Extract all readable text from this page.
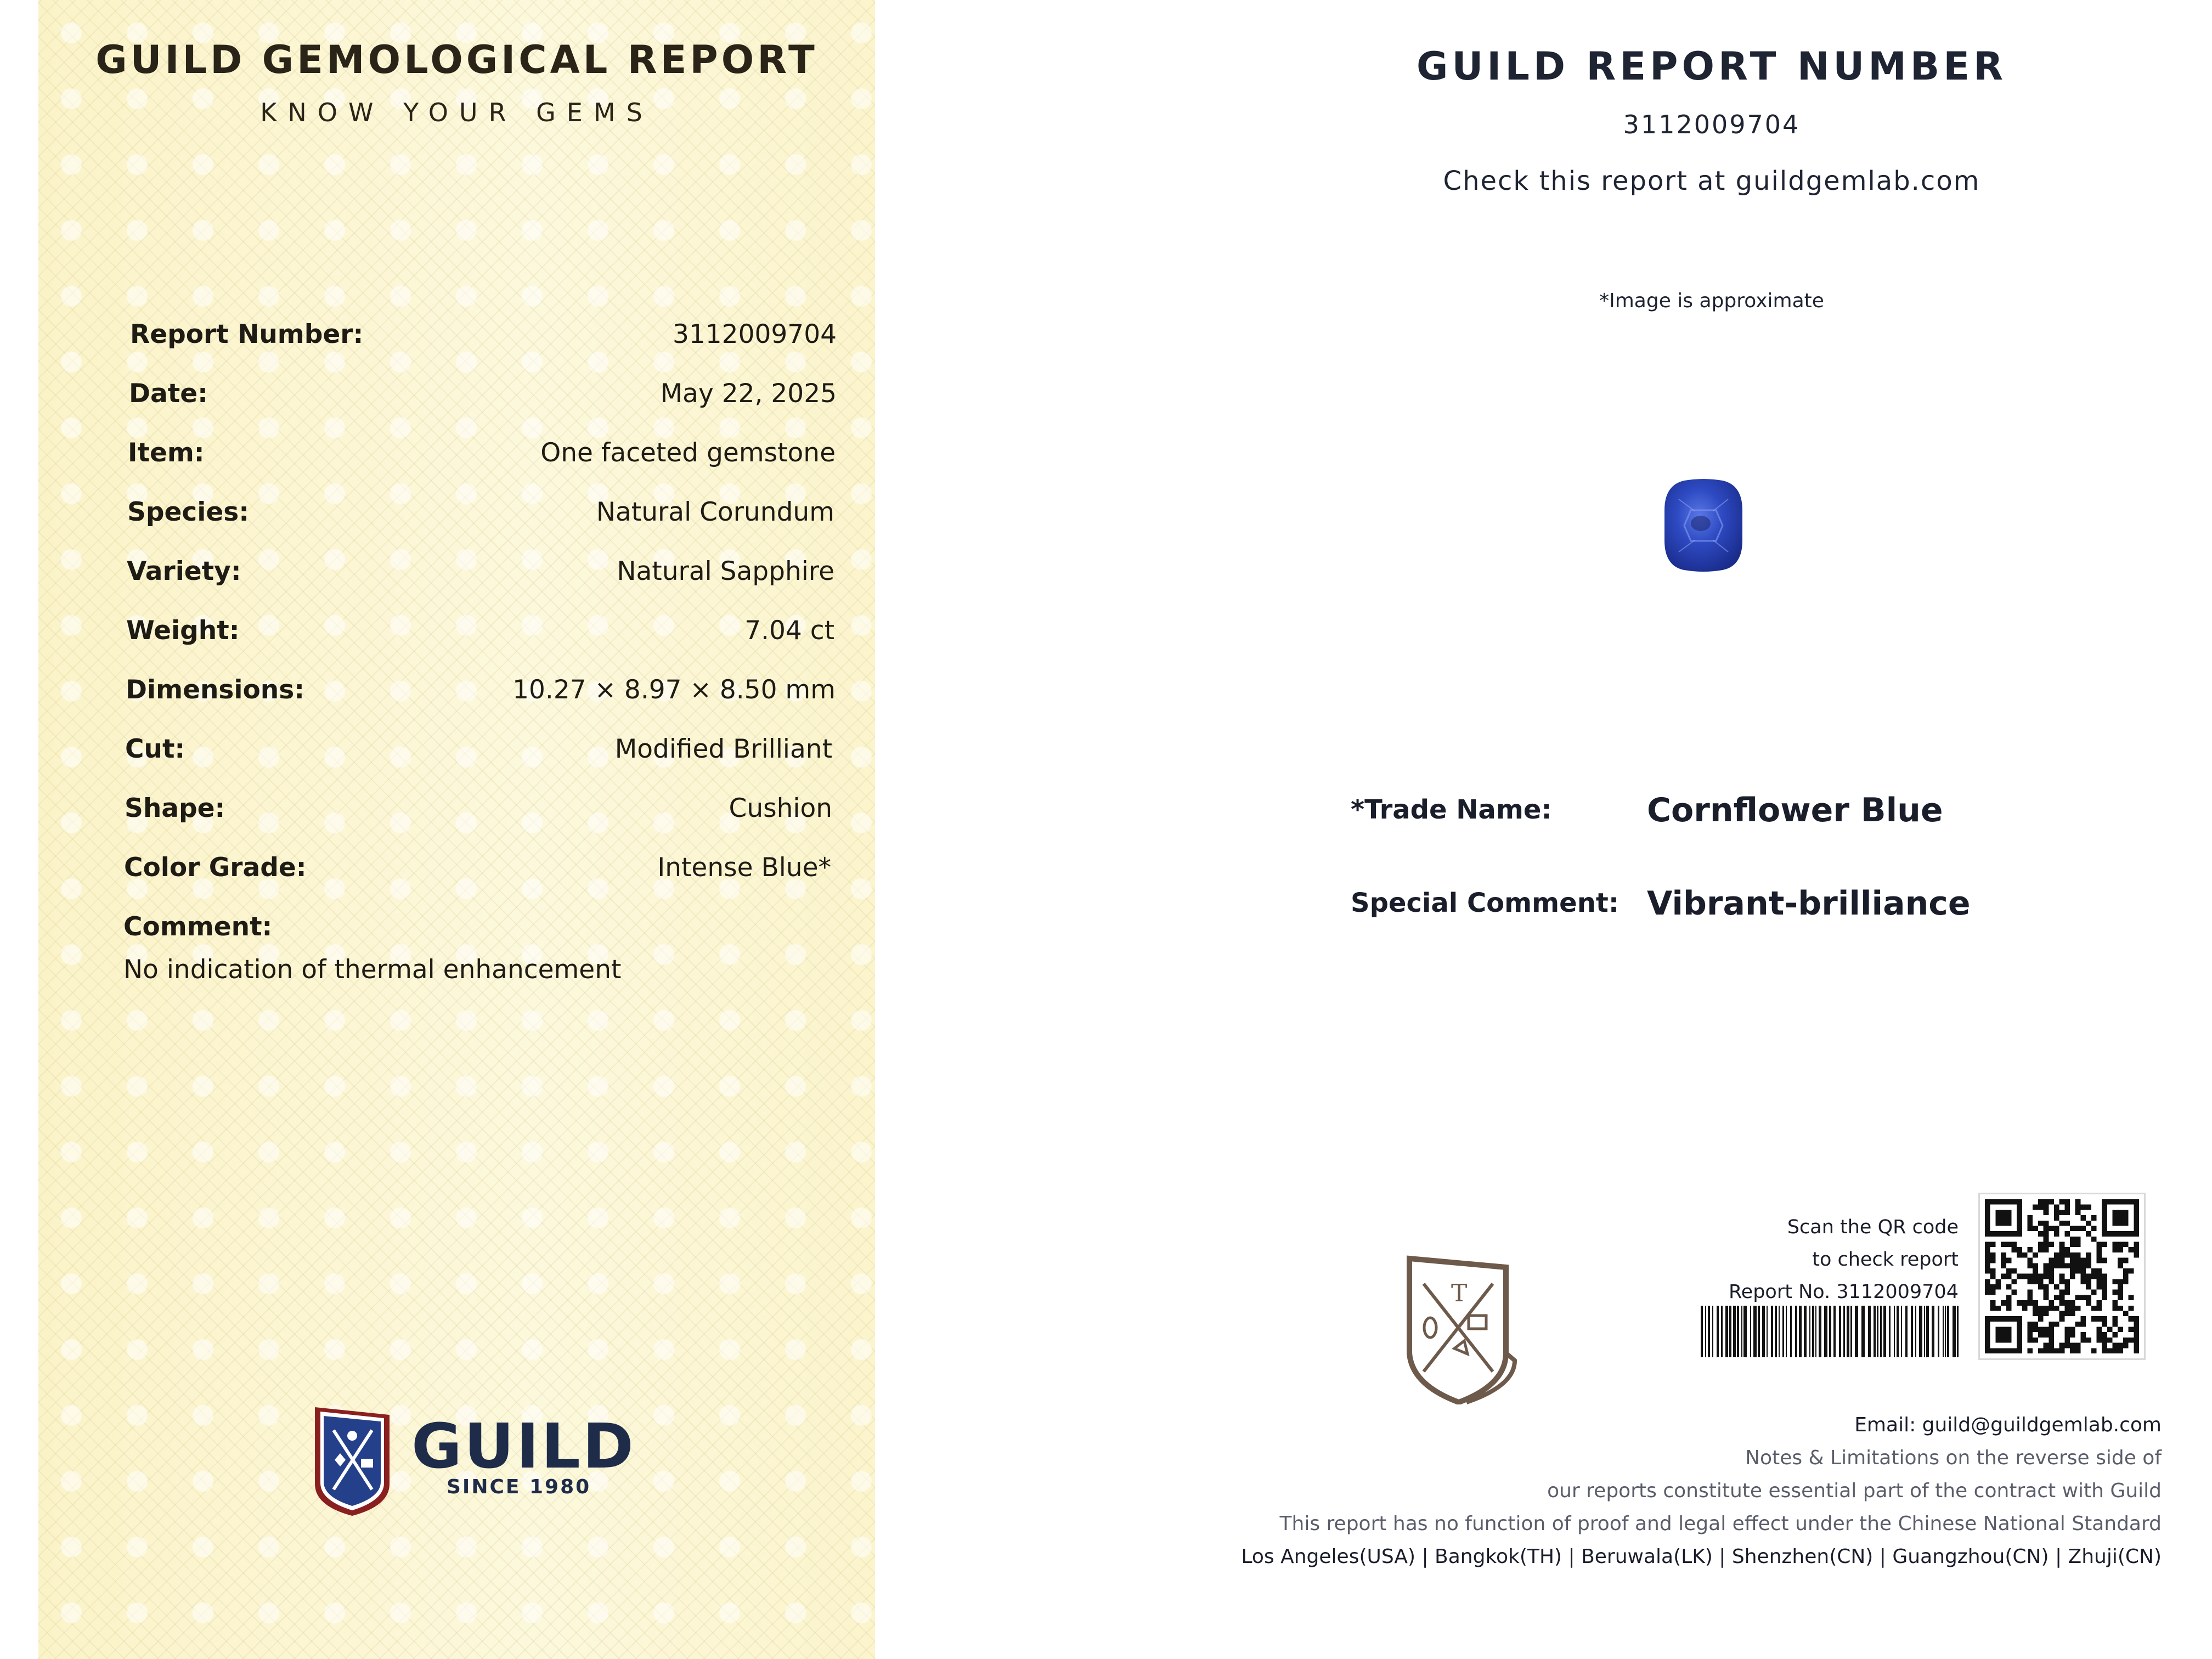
GUILD GEMOLOGICAL REPORT
KNOW YOUR GEMS
Report Number:	3112009704
Date:	May 22, 2025
Item:	One faceted gemstone
Species:	Natural Corundum
Variety:	Natural Sapphire
Weight:	7.04 ct
Dimensions:	10.27 × 8.97 × 8.50 mm
Cut:	Modified Brilliant
Shape:	Cushion
Color Grade:	Intense Blue*
Comment:
No indication of thermal enhancement
GUILD
SINCE 1980
GUILD REPORT NUMBER
3112009704
Check this report at guildgemlab.com
*Image is approximate
*Trade Name:	Cornflower Blue
Special Comment: Vibrant-brilliance
T
Scan the QR code
to check report
Report No. 3112009704
Email: guild@guildgemlab.com
Notes & Limitations on the reverse side of
our reports constitute essential part of the contract with Guild
This report has no function of proof and legal effect under the Chinese National Standard
Los Angeles(USA) | Bangkok(TH) | Beruwala(LK) | Shenzhen(CN) | Guangzhou(CN) | Zhuji(CN)
